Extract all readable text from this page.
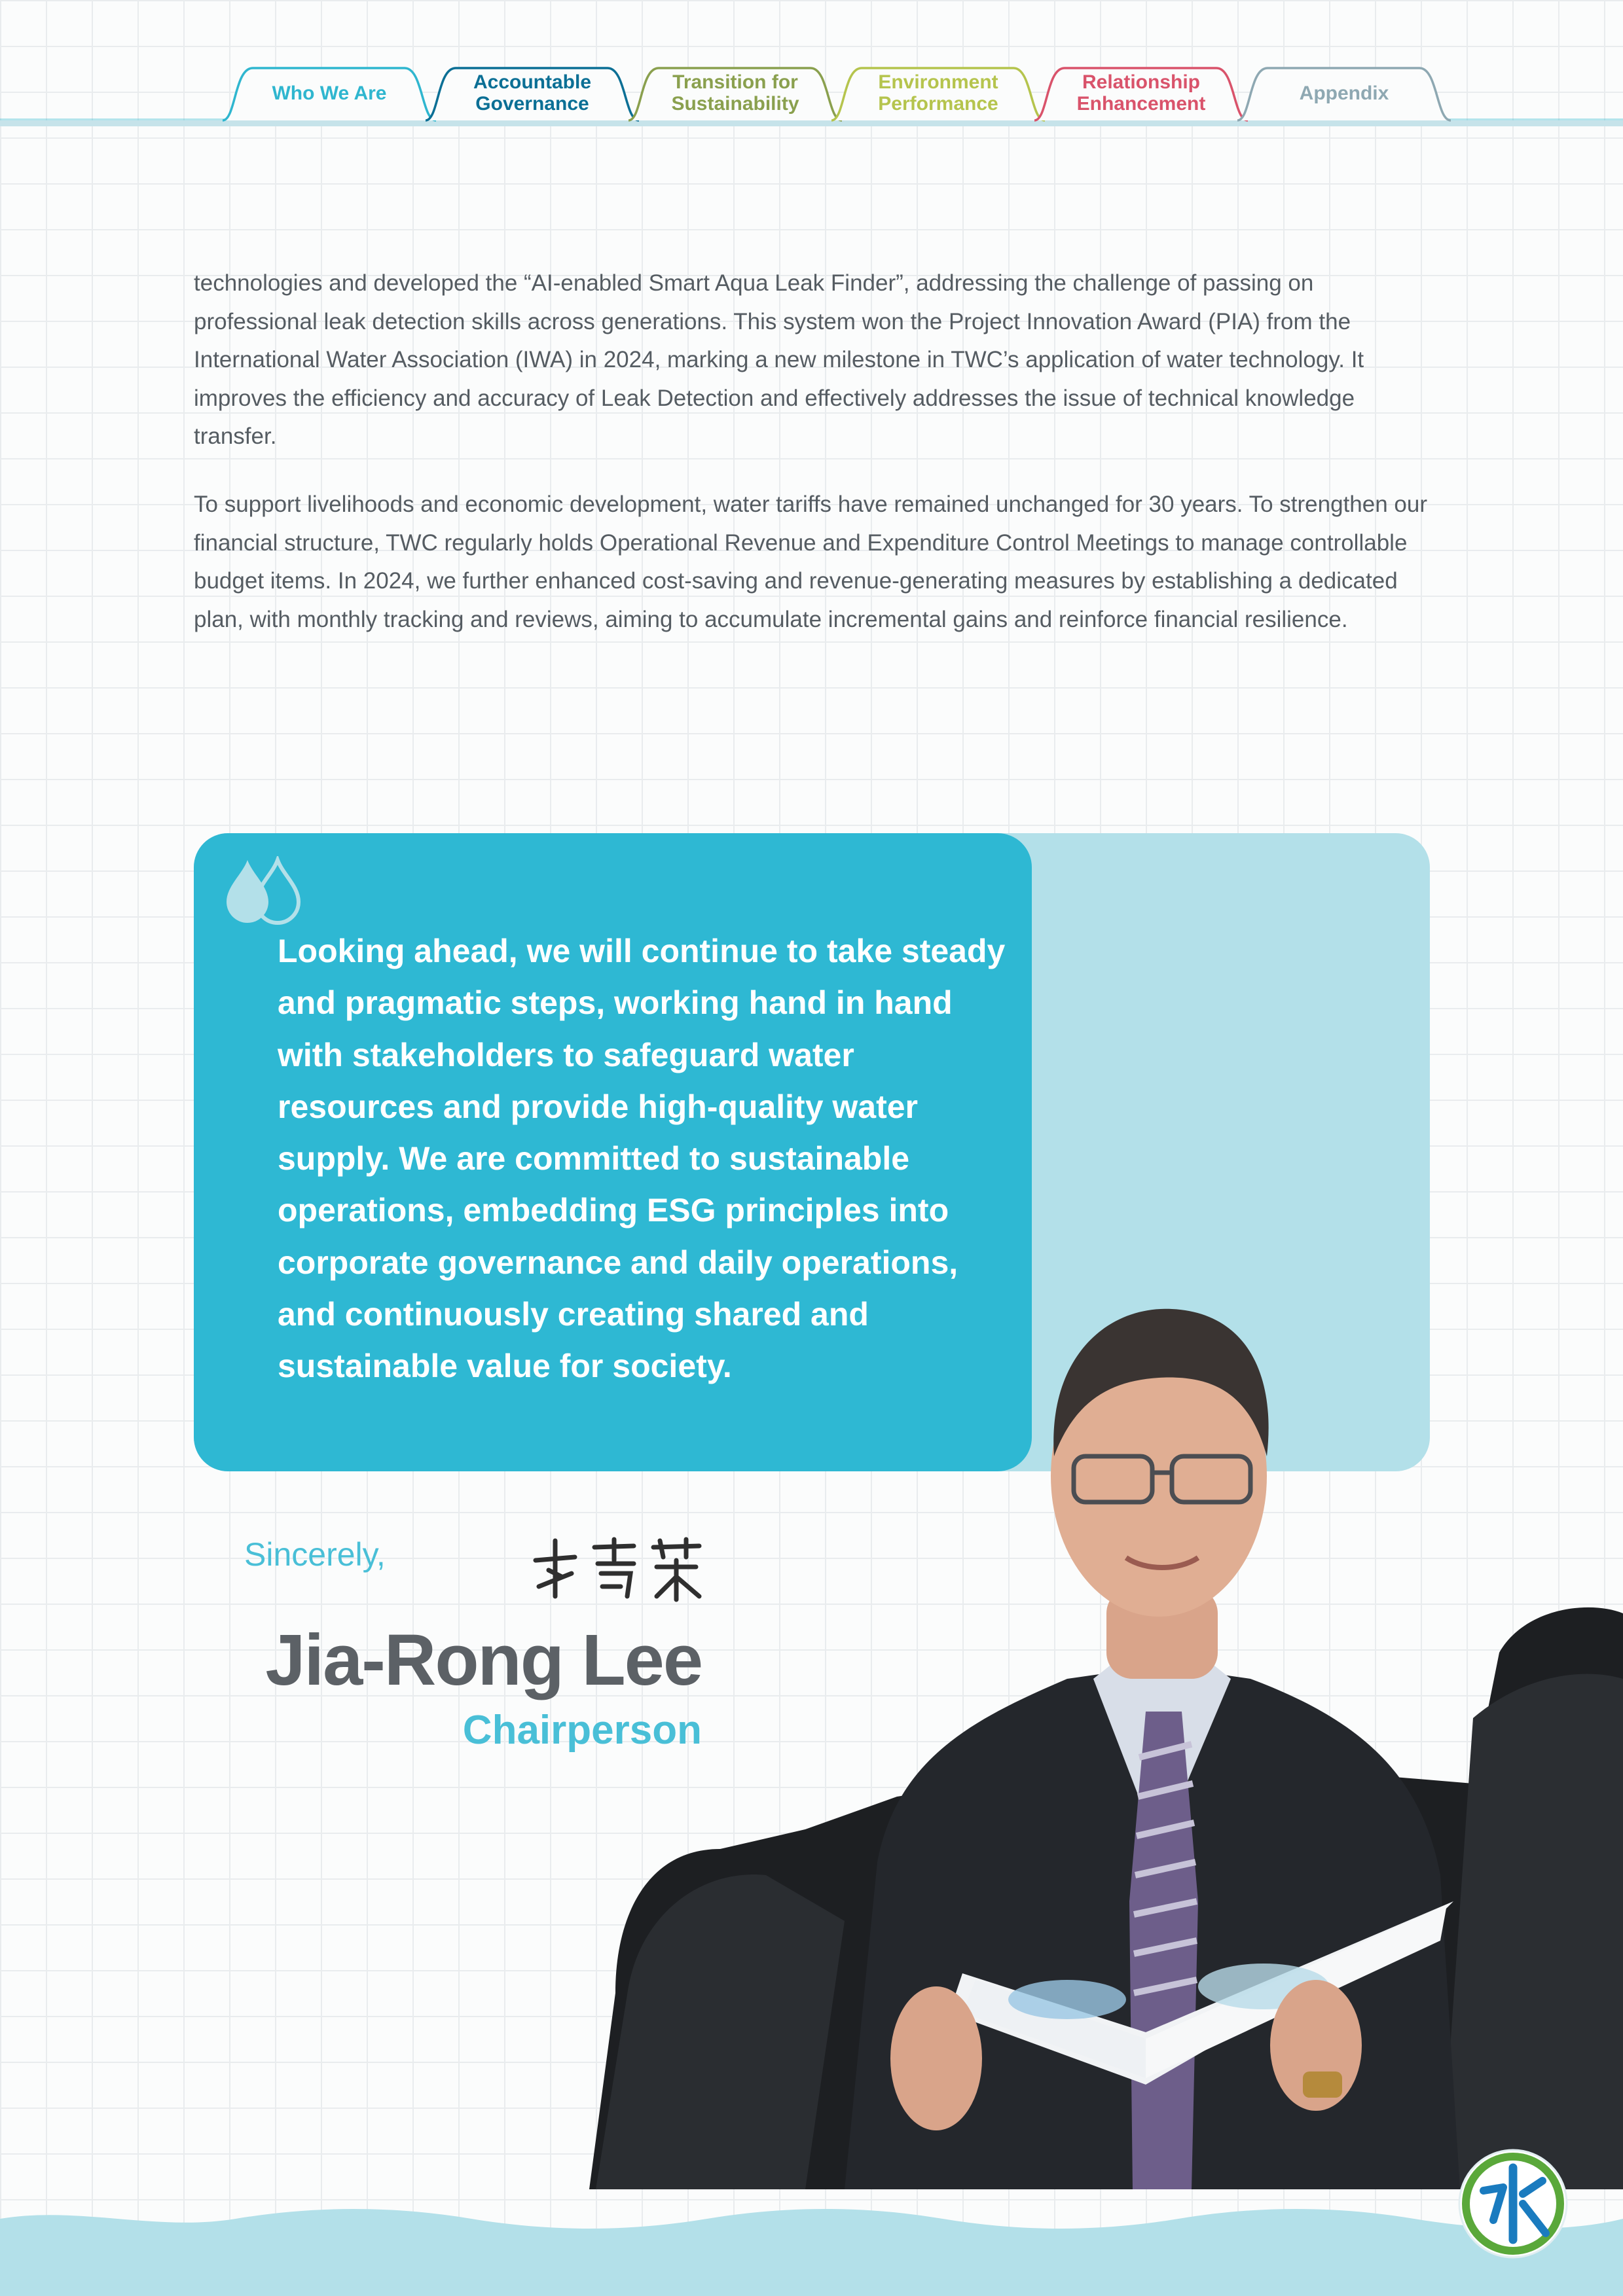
Who We Are	Accountable Governance
Transition for Sustainability
Environment Performance
Relationship Enhancement	Appendix

technologies and developed the “AI-enabled Smart Aqua Leak Finder”, addressing the challenge of passing on professional leak detection skills across generations. This system won the Project Innovation Award (PIA) from the International Water Association (IWA) in 2024, marking a new milestone in TWC’s application of water technology. It improves the efficiency and accuracy of Leak Detection and effectively addresses the issue of technical knowledge transfer.

To support livelihoods and economic development, water tariffs have remained unchanged for 30 years. To strengthen our financial structure, TWC regularly holds Operational Revenue and Expenditure Control Meetings to manage controllable budget items. In 2024, we further enhanced cost-saving and revenue-generating measures by establishing a dedicated plan, with monthly tracking and reviews, aiming to accumulate incremental gains and reinforce financial resilience.

Looking ahead, we will continue to take steady and pragmatic steps, working hand in hand with stakeholders to safeguard water resources and provide high-quality water supply. We are committed to sustainable operations, embedding ESG principles into corporate governance and daily operations, and continuously creating shared and sustainable value for society.

Sincerely,
Jia-Rong Lee
Chairperson
